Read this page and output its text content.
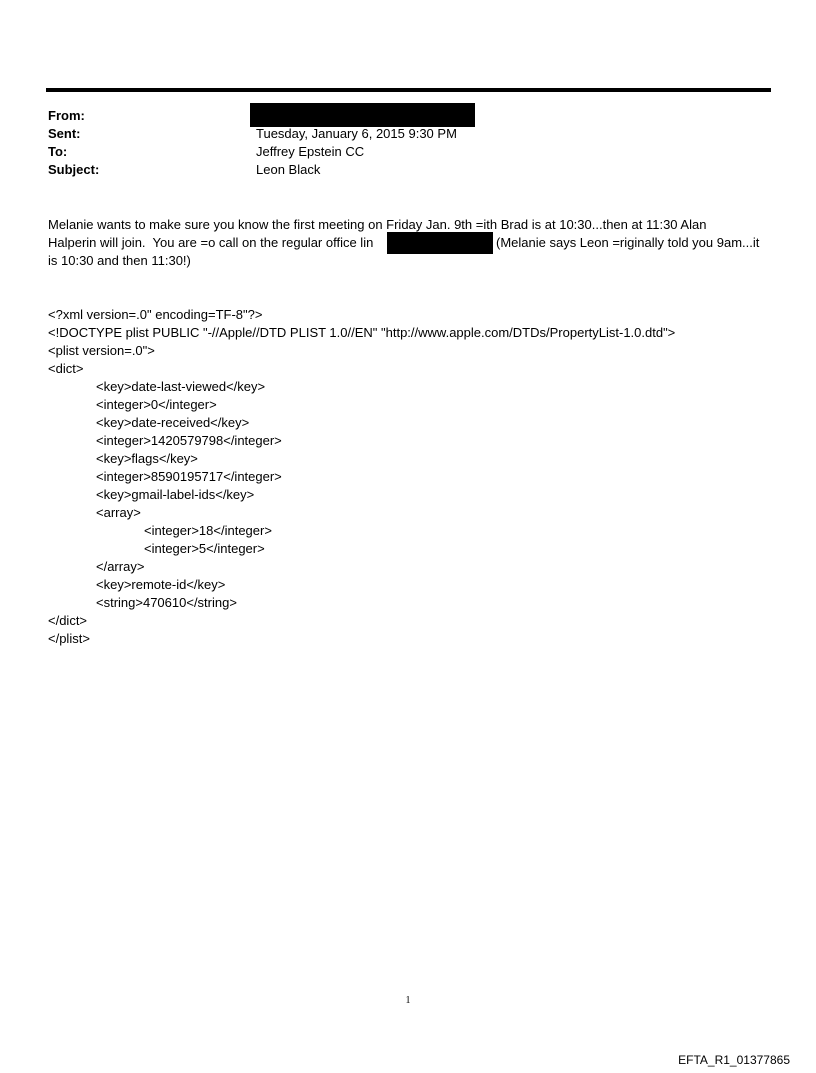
From:
Sent:
To:
Subject:
Tuesday, January 6, 2015 9:30 PM
Jeffrey Epstein CC
Leon Black
Melanie wants to make sure you know the first meeting on Friday Jan. 9th =ith Brad is at 10:30...then at 11:30 Alan
Halperin will join.  You are =o call on the regular office lin	(Melanie says Leon =riginally told you 9am...it
is 10:30 and then 11:30!)
<?xml version=.0" encoding=TF-8"?>
<!DOCTYPE plist PUBLIC "-//Apple//DTD PLIST 1.0//EN" "http://www.apple.com/DTDs/PropertyList-1.0.dtd">
<plist version=.0">
<dict>
<key>date-last-viewed</key>
<integer>0</integer>
<key>date-received</key>
<integer>1420579798</integer>
<key>flags</key>
<integer>8590195717</integer>
<key>gmail-label-ids</key>
<array>
<integer>18</integer>
<integer>5</integer>
</array>
<key>remote-id</key>
<string>470610</string>
</dict>
</plist>
1
EFTA_R1_01377865
